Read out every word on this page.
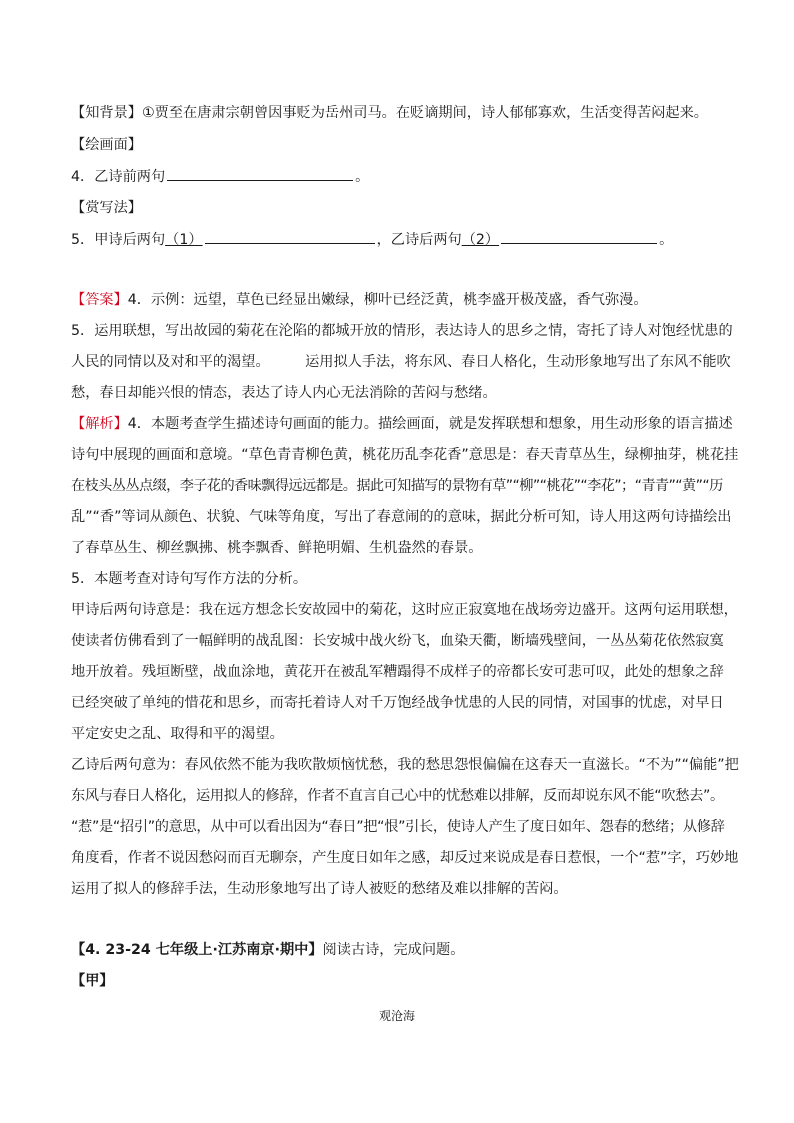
【知背景】①贾至在唐肃宗朝曾因事贬为岳州司马。在贬谪期间，诗人郁郁寡欢，生活变得苦闷起来。
【绘画面】
4．乙诗前两句	。
【赏写法】
5．甲诗后两句（1）	，乙诗后两句（2）	。
【答案】4．示例：远望，草色已经显出嫩绿，柳叶已经泛黄，桃李盛开极茂盛，香气弥漫。
5．运用联想，写出故园的菊花在沦陷的都城开放的情形，表达诗人的思乡之情，寄托了诗人对饱经忧患的
人民的同情以及对和平的渴望。　　　运用拟人手法，将东风、春日人格化，生动形象地写出了东风不能吹
愁，春日却能兴恨的情态，表达了诗人内心无法消除的苦闷与愁绪。
【解析】4．本题考查学生描述诗句画面的能力。描绘画面，就是发挥联想和想象，用生动形象的语言描述
诗句中展现的画面和意境。“草色青青柳色黄，桃花历乱李花香”意思是：春天青草丛生，绿柳抽芽，桃花挂
在枝头丛丛点缀，李子花的香味飘得远远都是。据此可知描写的景物有草”“柳”“桃花”“李花”；“青青”“黄”“历
乱”“香”等词从颜色、状貌、气味等角度，写出了春意闹的的意味，据此分析可知，诗人用这两句诗描绘出
了春草丛生、柳丝飘拂、桃李飘香、鲜艳明媚、生机盎然的春景。
5．本题考查对诗句写作方法的分析。
甲诗后两句诗意是：我在远方想念长安故园中的菊花，这时应正寂寞地在战场旁边盛开。这两句运用联想，
使读者仿佛看到了一幅鲜明的战乱图：长安城中战火纷飞，血染天衢，断墙残壁间，一丛丛菊花依然寂寞
地开放着。残垣断壁，战血涂地，黄花开在被乱军糟蹋得不成样子的帝都长安可悲可叹，此处的想象之辞
已经突破了单纯的惜花和思乡，而寄托着诗人对千万饱经战争忧患的人民的同情，对国事的忧虑，对早日
平定安史之乱、取得和平的渴望。
乙诗后两句意为：春风依然不能为我吹散烦恼忧愁，我的愁思怨恨偏偏在这春天一直滋长。“不为”“偏能”把
东风与春日人格化，运用拟人的修辞，作者不直言自己心中的忧愁难以排解，反而却说东风不能“吹愁去”。
“惹”是“招引”的意思，从中可以看出因为“春日”把“恨”引长，使诗人产生了度日如年、怨春的愁绪；从修辞
角度看，作者不说因愁闷而百无聊奈，产生度日如年之感，却反过来说成是春日惹恨，一个“惹”字，巧妙地
运用了拟人的修辞手法，生动形象地写出了诗人被贬的愁绪及难以排解的苦闷。
【4. 23-24 七年级上·江苏南京·期中】阅读古诗，完成问题。
【甲】
观沧海
